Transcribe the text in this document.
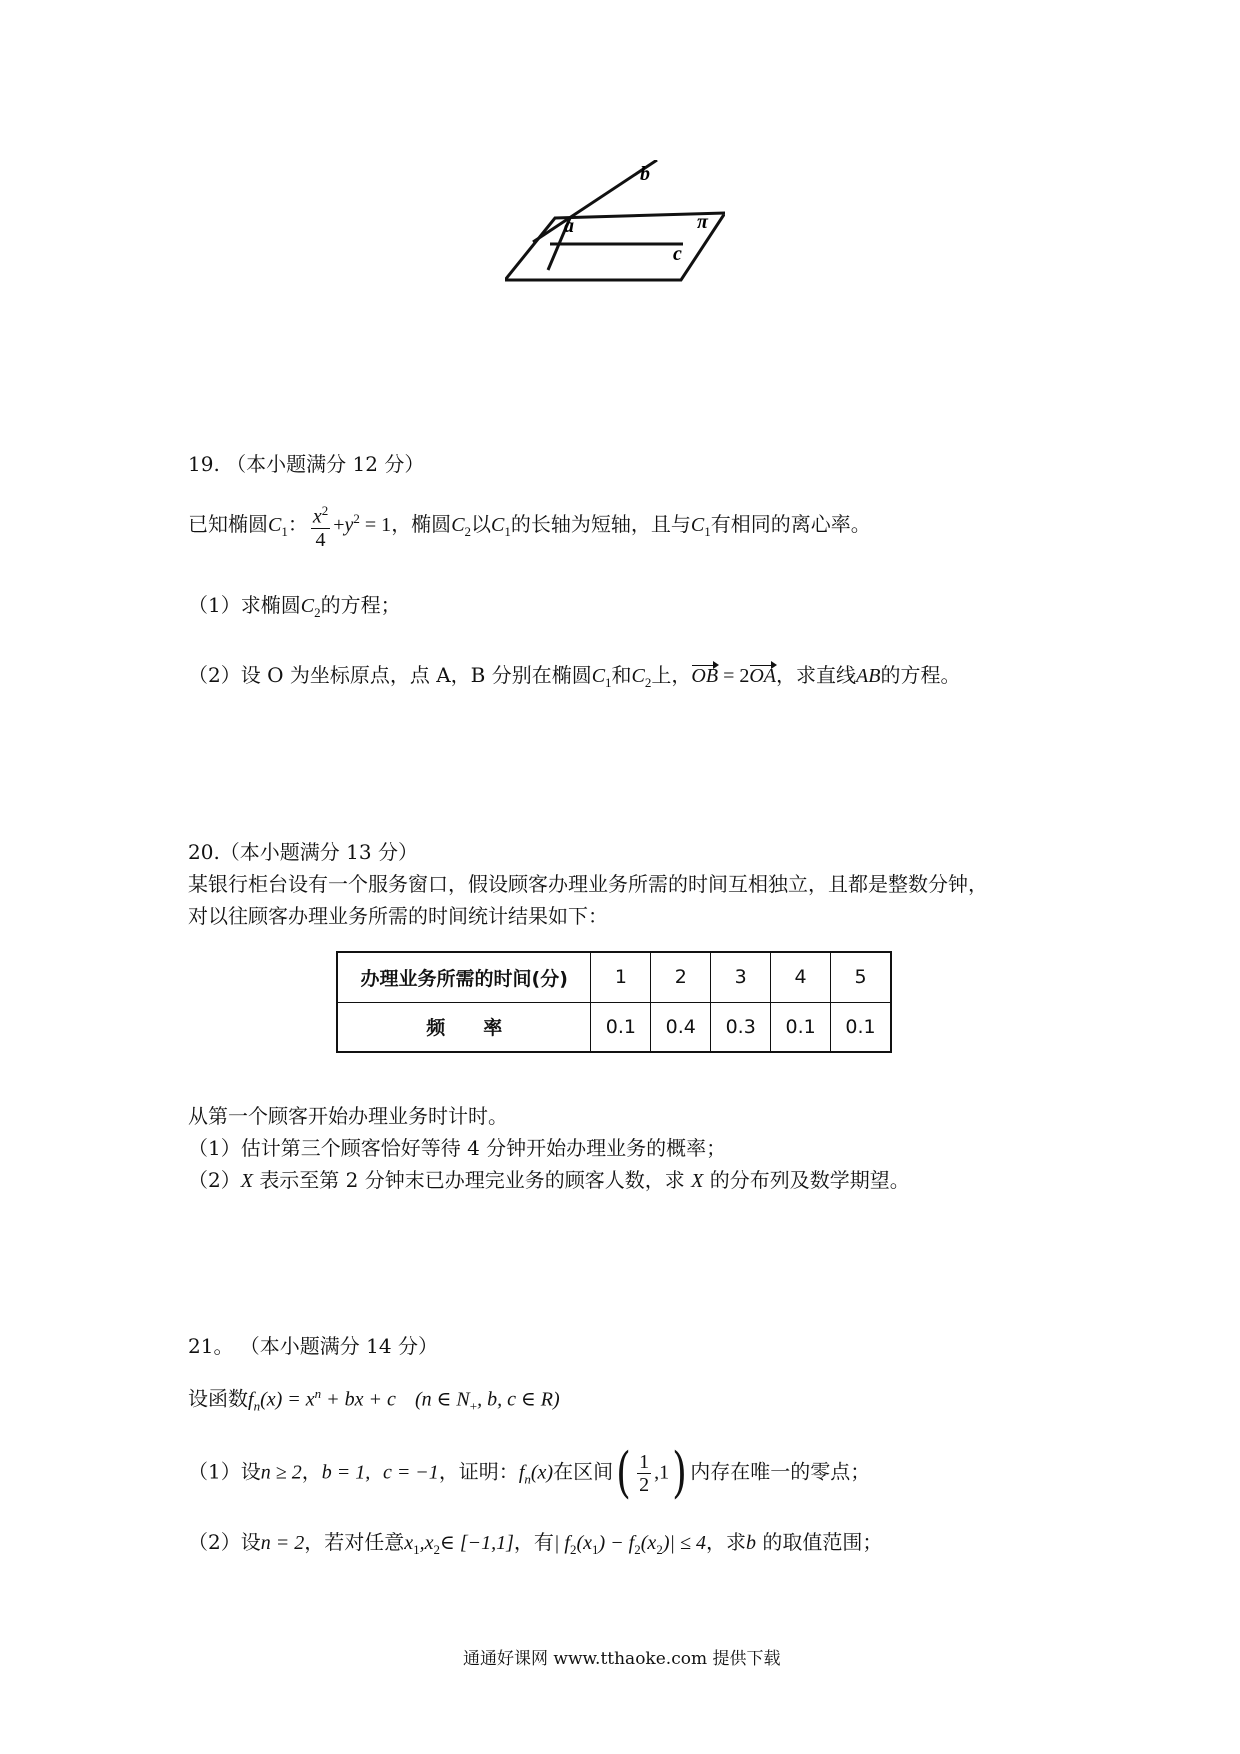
b
a	π
c
19. （本小题满分 12 分）
已知椭圆$C_1$： $\frac{x^2}{4} +y^2 = 1$，椭圆$C_2$以$C_1$的长轴为短轴，且与$C_1$有相同的离心率。
（1）求椭圆$C_2$的方程；
（2）设 O 为坐标原点，点 A，B 分别在椭圆$C_1$和$C_2$上，OB = 2OA，求直线AB的方程。
20.（本小题满分 13 分）
某银行柜台设有一个服务窗口，假设顾客办理业务所需的时间互相独立，且都是整数分钟，
对以往顾客办理业务所需的时间统计结果如下：
办理业务所需的时间(分)	1	2	3	4	5
频　　率	0.1	0.4	0.3	0.1	0.1
从第一个顾客开始办理业务时计时。
（1）估计第三个顾客恰好等待 4 分钟开始办理业务的概率；
（2）X 表示至第 2 分钟末已办理完业务的顾客人数，求 X 的分布列及数学期望。
21。 （本小题满分 14 分）
设函数$f_n(x) = x^n$ + bx + c (n ∈ $N_+$, b, c ∈ R)
（1）设n ≥ 2，b = 1, c = −1，证明：$f_n(x)$在区间( $\frac{1}{2} ,1$) 内存在唯一的零点；
（2）设n = 2，若对任意$x_1,x_2\in$ [−1,1]，有| $f_2(x_1) - f_2(x_2)| \le 4$，求b 的取值范围；
通通好课网 www.tthaoke.com 提供下载
